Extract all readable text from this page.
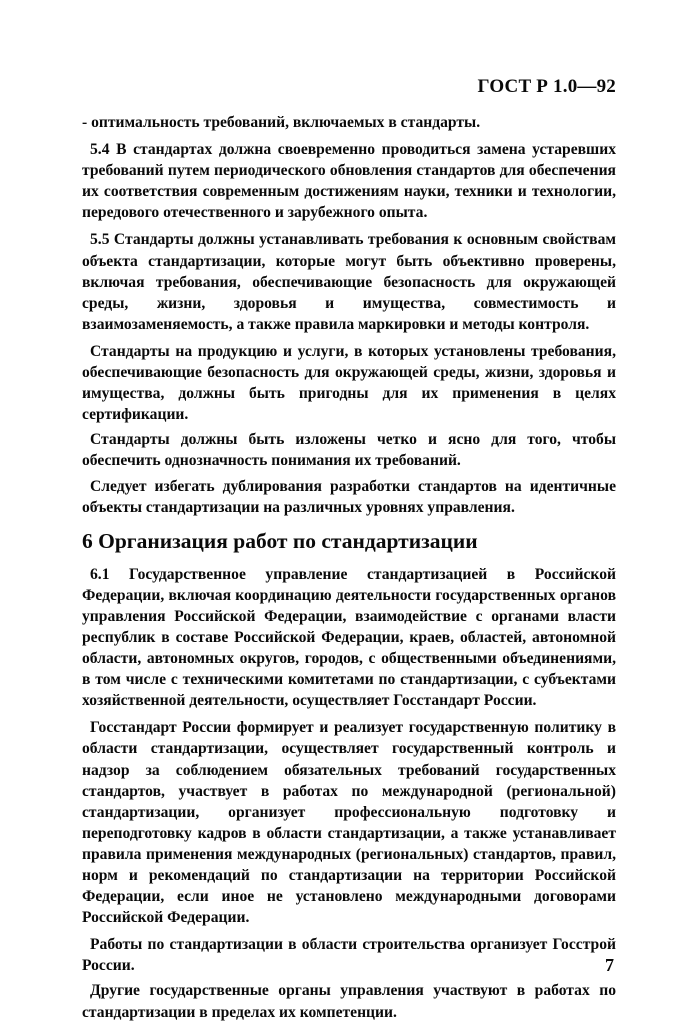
ГОСТ Р 1.0—92

- оптимальность требований, включаемых в стандарты.

5.4 В стандартах должна своевременно проводиться замена устаревших требований путем периодического обновления стандартов для обеспечения их соответствия современным достижениям науки, техники и технологии, передового отечественного и зарубежного опыта.

5.5 Стандарты должны устанавливать требования к основным свойствам объекта стандартизации, которые могут быть объективно проверены, включая требования, обеспечивающие безопасность для окружающей среды, жизни, здоровья и имущества, совместимость и взаимозаменяемость, а также правила маркировки и методы контроля.

Стандарты на продукцию и услуги, в которых установлены требования, обеспечивающие безопасность для окружающей среды, жизни, здоровья и имущества, должны быть пригодны для их применения в целях сертификации.

Стандарты должны быть изложены четко и ясно для того, чтобы обеспечить однозначность понимания их требований.

Следует избегать дублирования разработки стандартов на идентичные объекты стандартизации на различных уровнях управления.

6 Организация работ по стандартизации

6.1 Государственное управление стандартизацией в Российской Федерации, включая координацию деятельности государственных органов управления Российской Федерации, взаимодействие с органами власти республик в составе Российской Федерации, краев, областей, автономной области, автономных округов, городов, с общественными объединениями, в том числе с техническими комитетами по стандартизации, с субъектами хозяйственной деятельности, осуществляет Госстандарт России.

Госстандарт России формирует и реализует государственную политику в области стандартизации, осуществляет государственный контроль и надзор за соблюдением обязательных требований государственных стандартов, участвует в работах по международной (региональной) стандартизации, организует профессиональную подготовку и переподготовку кадров в области стандартизации, а также устанавливает правила применения международных (региональных) стандартов, правил, норм и рекомендаций по стандартизации на территории Российской Федерации, если иное не установлено международными договорами Российской Федерации.

Работы по стандартизации в области строительства организует Госстрой России.

Другие государственные органы управления участвуют в работах по стандартизации в пределах их компетенции.

7
